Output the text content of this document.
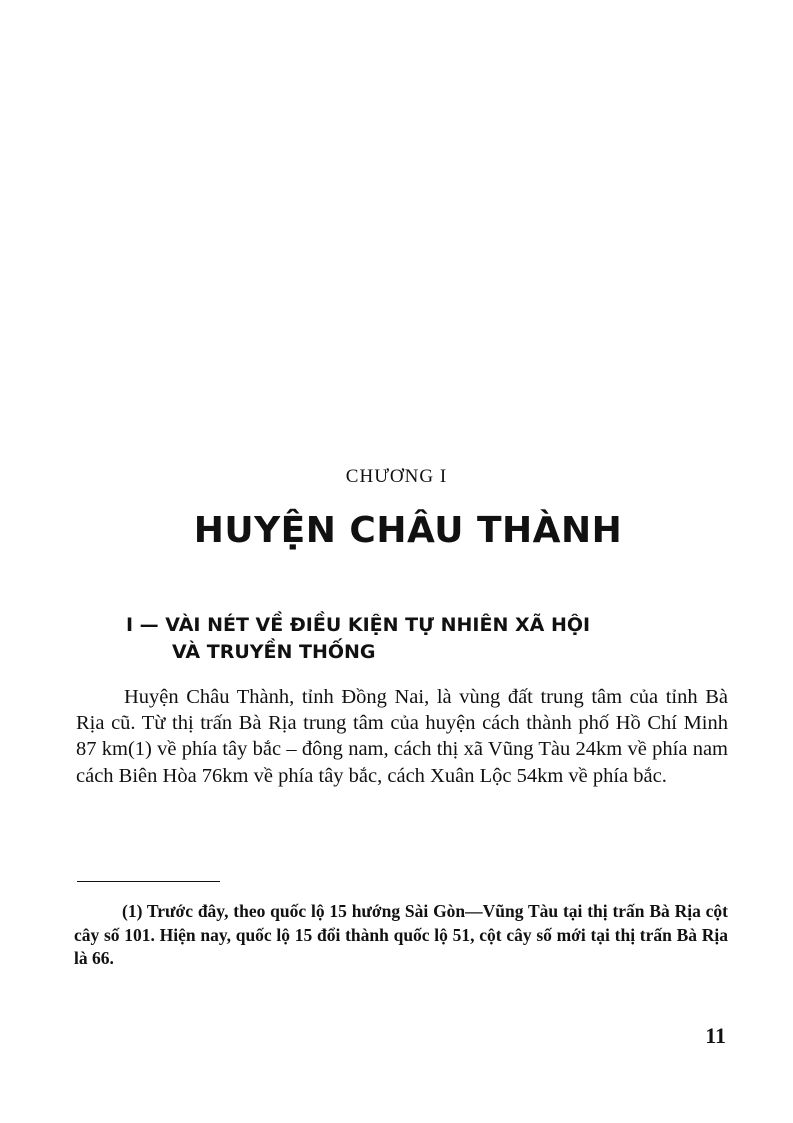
CHƯƠNG I
HUYỆN CHÂU THÀNH
I — VÀI NÉT VỀ ĐIỀU KIỆN TỰ NHIÊN XÃ HỘI
VÀ TRUYỀN THỐNG

Huyện Châu Thành, tỉnh Đồng Nai, là vùng đất trung tâm của tỉnh Bà Rịa cũ. Từ thị trấn Bà Rịa trung tâm của huyện cách thành phố Hồ Chí Minh 87 km(1) về phía tây bắc – đông nam, cách thị xã Vũng Tàu 24km về phía nam cách Biên Hòa 76km về phía tây bắc, cách Xuân Lộc 54km về phía bắc.

(1) Trước đây, theo quốc lộ 15 hướng Sài Gòn—Vũng Tàu tại thị trấn Bà Rịa cột cây số 101. Hiện nay, quốc lộ 15 đổi thành quốc lộ 51, cột cây số mới tại thị trấn Bà Rịa là 66.

11
